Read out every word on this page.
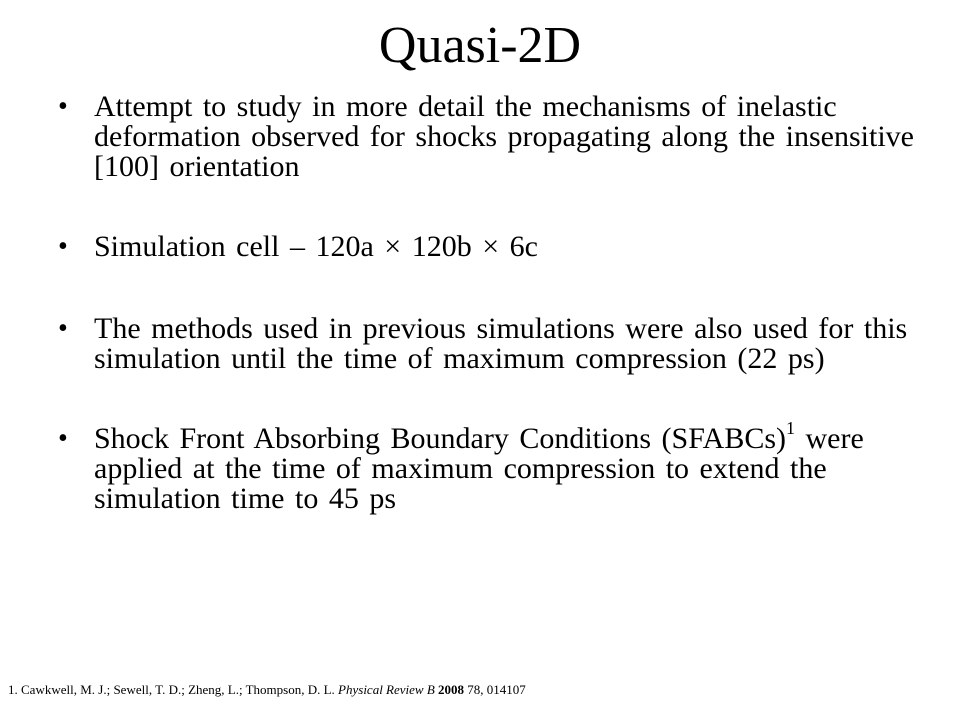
Quasi-2D
• Attempt to study in more detail the mechanisms of inelastic deformation observed for shocks propagating along the insensitive [100] orientation
• Simulation cell – 120a × 120b × 6c
• The methods used in previous simulations were also used for this simulation until the time of maximum compression (22 ps)
• Shock Front Absorbing Boundary Conditions (SFABCs)$^1$ were applied at the time of maximum compression to extend the simulation time to 45 ps
1. Cawkwell, M. J.; Sewell, T. D.; Zheng, L.; Thompson, D. L. Physical Review B 2008 78, 014107
